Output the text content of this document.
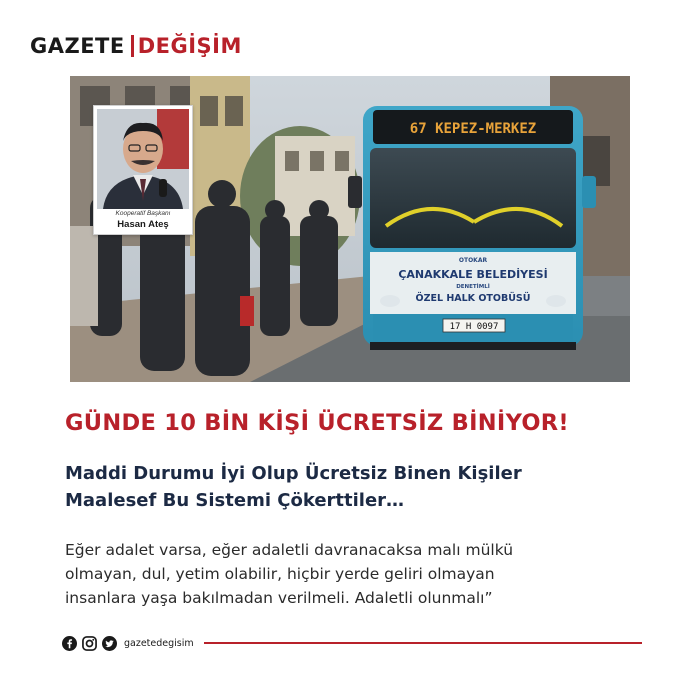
GAZETE DEĞİŞİM
67 KEPEZ-MERKEZ
OTOKAR
ÇANAKKALE BELEDİYESİ
DENETİMLİ
ÖZEL HALK OTOBÜSÜ
17 H 0097
Kooperatif Başkanı
Hasan Ateş
GÜNDE 10 BİN KİŞİ ÜCRETSİZ BİNİYOR!
Maddi Durumu İyi Olup Ücretsiz Binen Kişiler
Maalesef Bu Sistemi Çökerttiler…
Eğer adalet varsa, eğer adaletli davranacaksa malı mülkü
olmayan, dul, yetim olabilir, hiçbir yerde geliri olmayan
insanlara yaşa bakılmadan verilmeli. Adaletli olunmalı”
gazetedegisim
